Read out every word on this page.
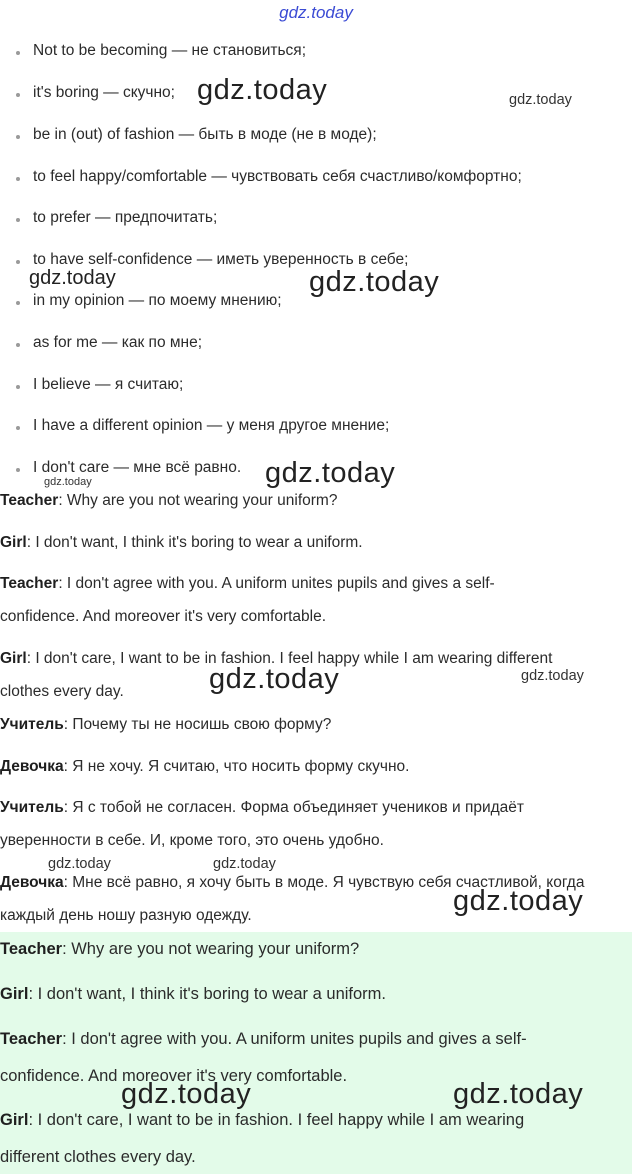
gdz.today
Not to be becoming — не становиться;
it's boring — скучно;
be in (out) of fashion — быть в моде (не в моде);
to feel happy/comfortable — чувствовать себя счастливо/комфортно;
to prefer — предпочитать;
to have self-confidence — иметь уверенность в себе;
in my opinion — по моему мнению;
as for me — как по мне;
I believe — я считаю;
I have a different opinion — у меня другое мнение;
I don't care — мне всё равно.
Teacher: Why are you not wearing your uniform?
Girl: I don't want, I think it's boring to wear a uniform.
Teacher: I don't agree with you. A uniform unites pupils and gives a self-
confidence. And moreover it's very comfortable.
Girl: I don't care, I want to be in fashion. I feel happy while I am wearing different
clothes every day.
Учитель: Почему ты не носишь свою форму?
Девочка: Я не хочу. Я считаю, что носить форму скучно.
Учитель: Я с тобой не согласен. Форма объединяет учеников и придаёт
уверенности в себе. И, кроме того, это очень удобно.
Девочка: Мне всё равно, я хочу быть в моде. Я чувствую себя счастливой, когда
каждый день ношу разную одежду.
Teacher: Why are you not wearing your uniform?
Girl: I don't want, I think it's boring to wear a uniform.
Teacher: I don't agree with you. A uniform unites pupils and gives a self-
confidence. And moreover it's very comfortable.
Girl: I don't care, I want to be in fashion. I feel happy while I am wearing
different clothes every day.
gdz.today	gdz.today
gdz.today	gdz.today
gdz.today	gdz.today
gdz.today	gdz.today
gdz.today	gdz.today
gdz.today
gdz.today	gdz.today
